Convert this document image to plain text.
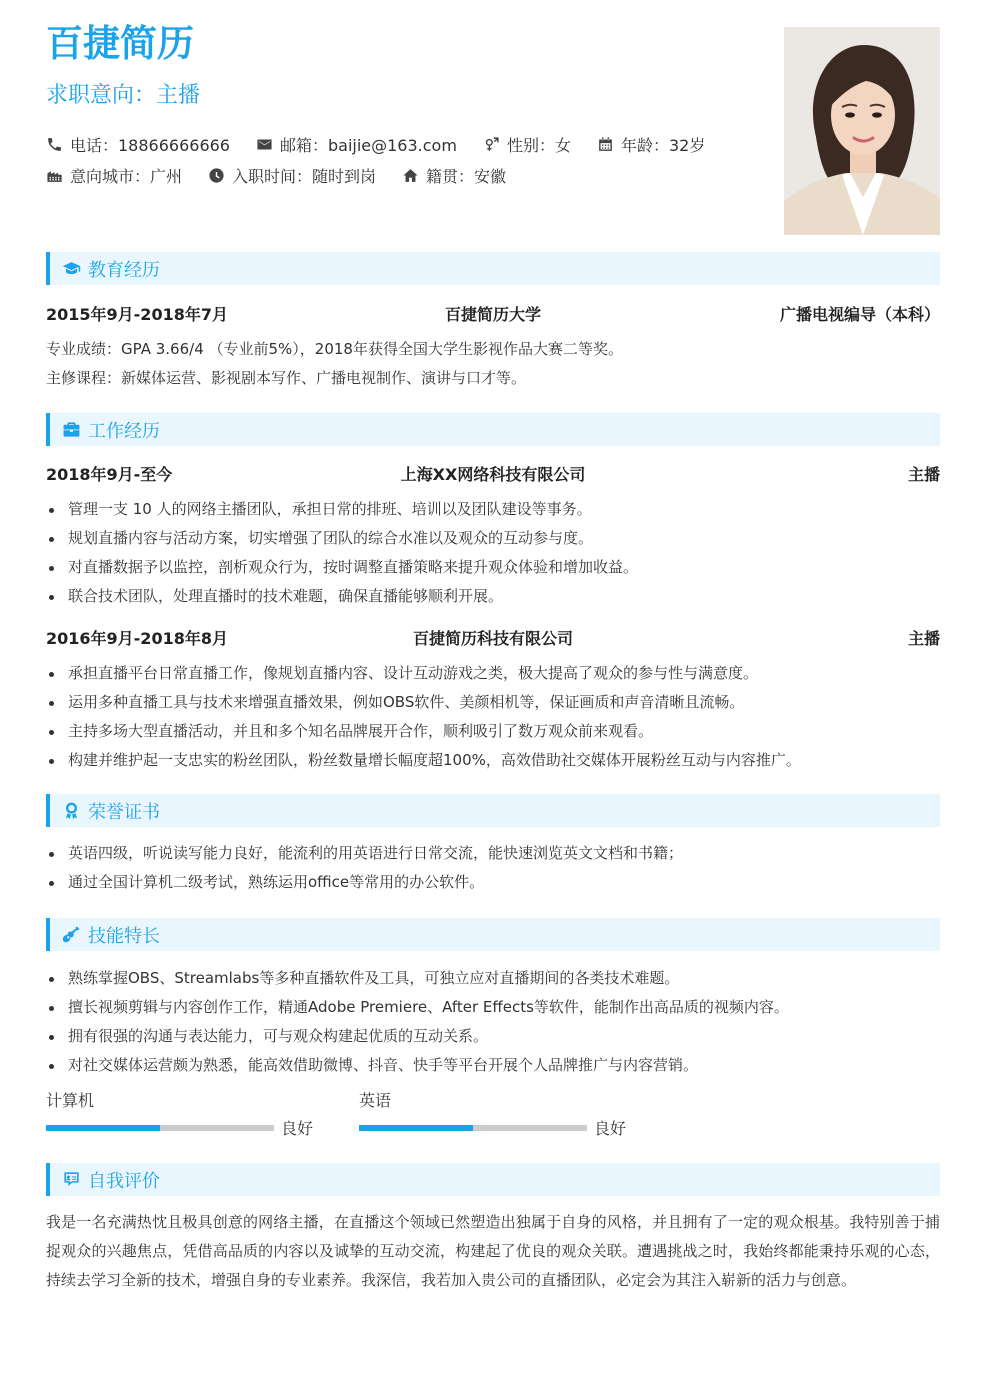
百捷简历
求职意向：主播
电话：18866666666	邮箱：baijie@163.com	性别：女	年龄：32岁
意向城市：广州	入职时间：随时到岗	籍贯：安徽
教育经历
2015年9月-2018年7月	百捷简历大学	广播电视编导（本科）
专业成绩：GPA 3.66/4 （专业前5%），2018年获得全国大学生影视作品大赛二等奖。
主修课程：新媒体运营、影视剧本写作、广播电视制作、演讲与口才等。
工作经历
2018年9月-至今	上海XX网络科技有限公司	主播
管理一支 10 人的网络主播团队，承担日常的排班、培训以及团队建设等事务。
规划直播内容与活动方案，切实增强了团队的综合水准以及观众的互动参与度。
对直播数据予以监控，剖析观众行为，按时调整直播策略来提升观众体验和增加收益。
联合技术团队，处理直播时的技术难题，确保直播能够顺利开展。
2016年9月-2018年8月	百捷简历科技有限公司	主播
承担直播平台日常直播工作，像规划直播内容、设计互动游戏之类，极大提高了观众的参与性与满意度。
运用多种直播工具与技术来增强直播效果，例如OBS软件、美颜相机等，保证画质和声音清晰且流畅。
主持多场大型直播活动，并且和多个知名品牌展开合作，顺利吸引了数万观众前来观看。
构建并维护起一支忠实的粉丝团队，粉丝数量增长幅度超100%，高效借助社交媒体开展粉丝互动与内容推广。
荣誉证书
英语四级，听说读写能力良好，能流利的用英语进行日常交流，能快速浏览英文文档和书籍；
通过全国计算机二级考试，熟练运用office等常用的办公软件。
技能特长
熟练掌握OBS、Streamlabs等多种直播软件及工具，可独立应对直播期间的各类技术难题。
擅长视频剪辑与内容创作工作，精通Adobe Premiere、After Effects等软件，能制作出高品质的视频内容。
拥有很强的沟通与表达能力，可与观众构建起优质的互动关系。
对社交媒体运营颇为熟悉，能高效借助微博、抖音、快手等平台开展个人品牌推广与内容营销。
计算机
良好
英语
良好
自我评价
我是一名充满热忱且极具创意的网络主播，在直播这个领域已然塑造出独属于自身的风格，并且拥有了一定的观众根基。我特别善于捕捉观众的兴趣焦点，凭借高品质的内容以及诚挚的互动交流，构建起了优良的观众关联。遭遇挑战之时，我始终都能秉持乐观的心态，持续去学习全新的技术，增强自身的专业素养。我深信，我若加入贵公司的直播团队，必定会为其注入崭新的活力与创意。
